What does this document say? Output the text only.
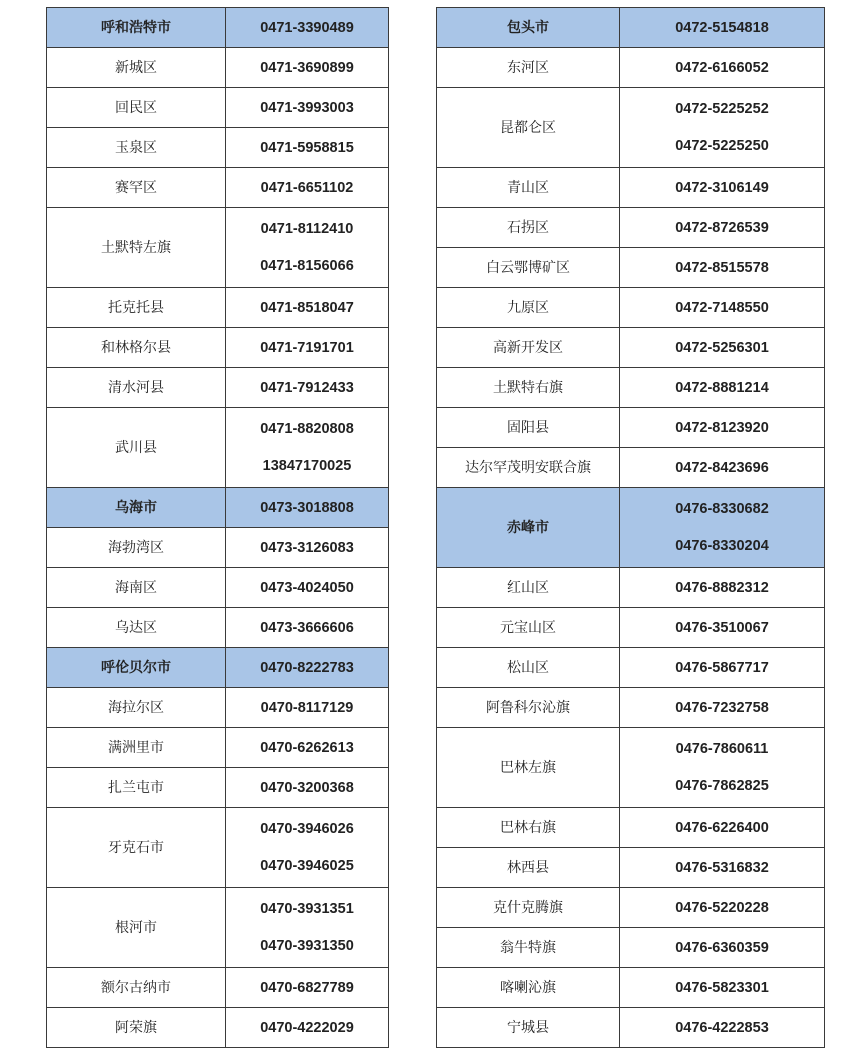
呼和浩特市	0471-3390489

新城区	0471-3690899

回民区	0471-3993003

玉泉区	0471-5958815

赛罕区	0471-6651102

土默特左旗	0471-8112410
0471-8156066

托克托县	0471-8518047

和林格尔县	0471-7191701

清水河县	0471-7912433

武川县	0471-8820808
13847170025

乌海市	0473-3018808

海勃湾区	0473-3126083

海南区	0473-4024050

乌达区	0473-3666606

呼伦贝尔市	0470-8222783

海拉尔区	0470-8117129

满洲里市	0470-6262613

扎兰屯市	0470-3200368

牙克石市	0470-3946026
0470-3946025

根河市	0470-3931351
0470-3931350

额尔古纳市	0470-6827789

阿荣旗	0470-4222029
包头市	0472-5154818

东河区	0472-6166052

昆都仑区	0472-5225252
0472-5225250

青山区	0472-3106149

石拐区	0472-8726539

白云鄂博矿区	0472-8515578

九原区	0472-7148550

高新开发区	0472-5256301

土默特右旗	0472-8881214

固阳县	0472-8123920

达尔罕茂明安联合旗	0472-8423696

赤峰市	0476-8330682
0476-8330204

红山区	0476-8882312

元宝山区	0476-3510067

松山区	0476-5867717

阿鲁科尔沁旗	0476-7232758

巴林左旗	0476-7860611
0476-7862825

巴林右旗	0476-6226400

林西县	0476-5316832

克什克腾旗	0476-5220228

翁牛特旗	0476-6360359

喀喇沁旗	0476-5823301

宁城县	0476-4222853
